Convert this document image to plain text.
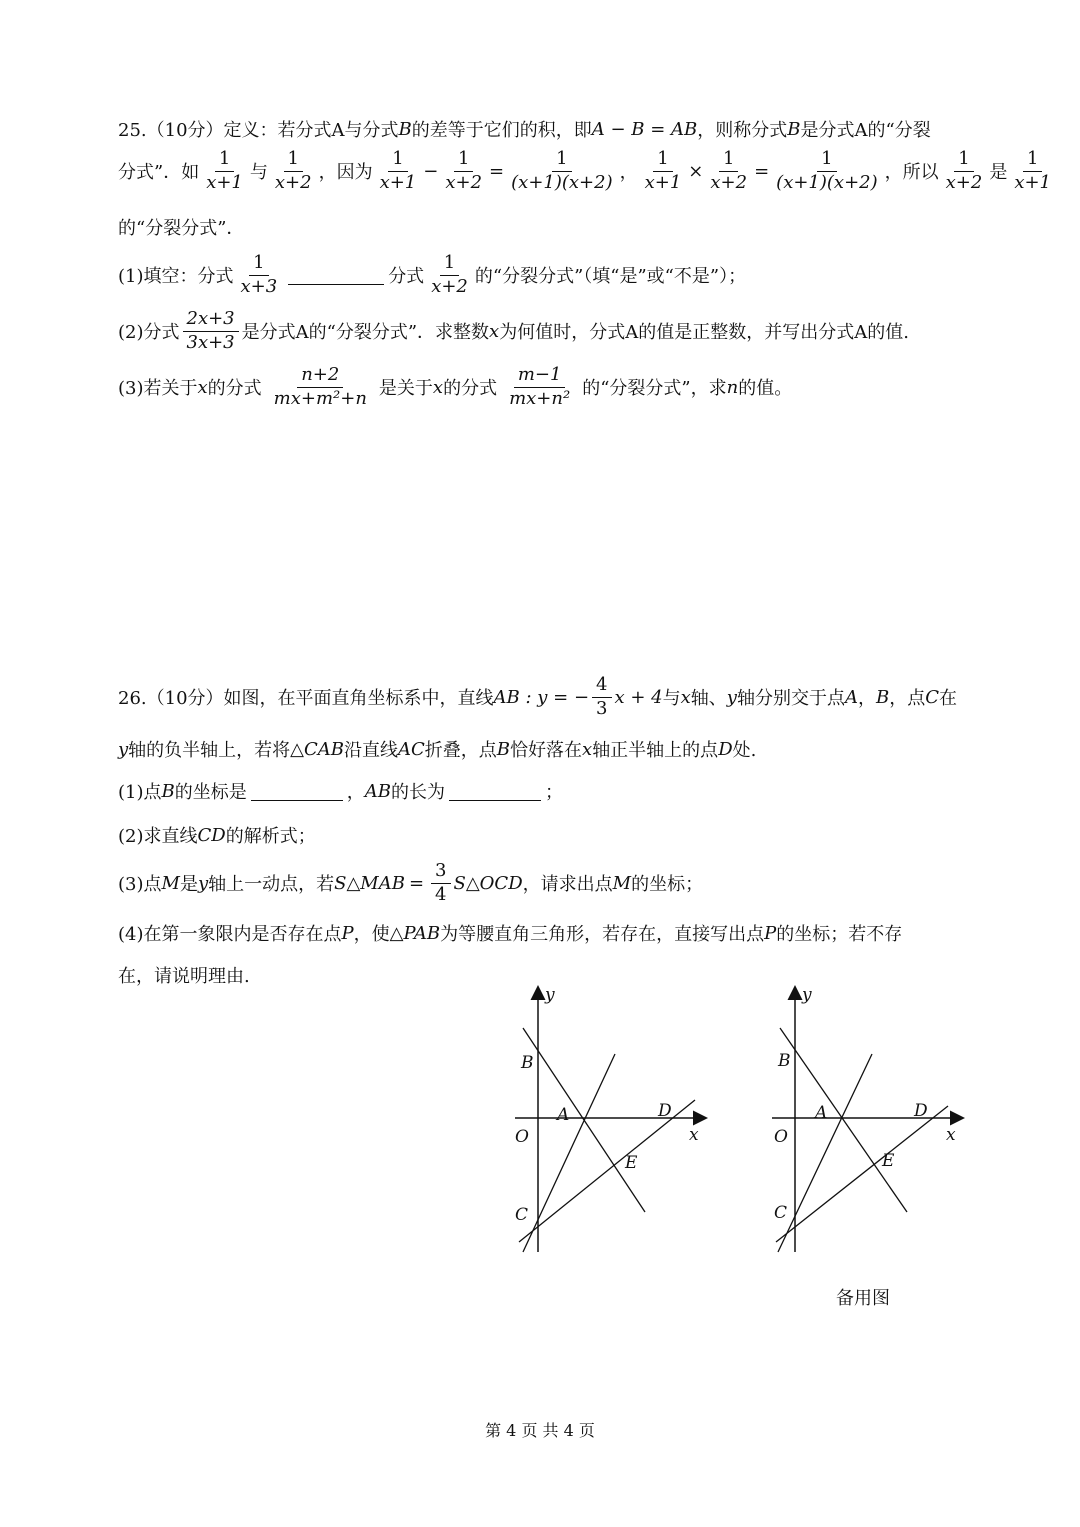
25.（10分）定义：若分式A与分式 B 的差等于它们的积，即 A − B = AB ，则称分式 B 是分式A的“分裂
分式”．如 $\frac{1}{x+1}$ 与 $\frac{1}{x+2}$ ，因为 $\frac{1}{x+1} - \frac{1}{x+2} = \frac{1}{(x+1)(x+2)}$ ， $\frac{1}{x+1} \times \frac{1}{x+2} = \frac{1}{(x+1)(x+2)}$ ，所以 $\frac{1}{x+2}$ 是 $\frac{1}{x+1}$
的“分裂分式”．
(1)填空：分式 $\frac{1}{x+3}$	分式 $\frac{1}{x+2}$ 的“分裂分式”（填“是”或“不是”）；
(2)分式 $\frac{2x+3}{3x+3}$ 是分式A的“分裂分式”．求整数 x 为何值时，分式A的值是正整数，并写出分式A的值.
(3)若关于 x 的分式 $\frac{n+2}{\text{mx+m²+n}}$ 是关于 x 的分式 $\frac{m-1}{\text{mx+n²}}$ 的“分裂分式”，求 n 的值。
26.（10分）如图，在平面直角坐标系中，直线 AB : y = − $\frac{4}{3}$ x + 4 与 x 轴、 y 轴分别交于点 A ， B ，点 C 在
y 轴的负半轴上，若将 △CAB 沿直线 AC 折叠，点 B 恰好落在 x 轴正半轴上的点 D 处.
(1)点 B 的坐标是	， AB 的长为	；
(2)求直线 CD 的解析式；
(3)点 M 是 y 轴上一动点，若 S△MAB = $\frac{3}{4}$ S△OCD ，请求出点 M 的坐标；
(4)在第一象限内是否存在点 P ，使 △PAB 为等腰直角三角形，若存在，直接写出点 P 的坐标；若不存
在，请说明理由.
y
x
B
A	D
O
E
C
y
x
B
A	D
O
E
C
备用图
第 4 页 共 4 页
